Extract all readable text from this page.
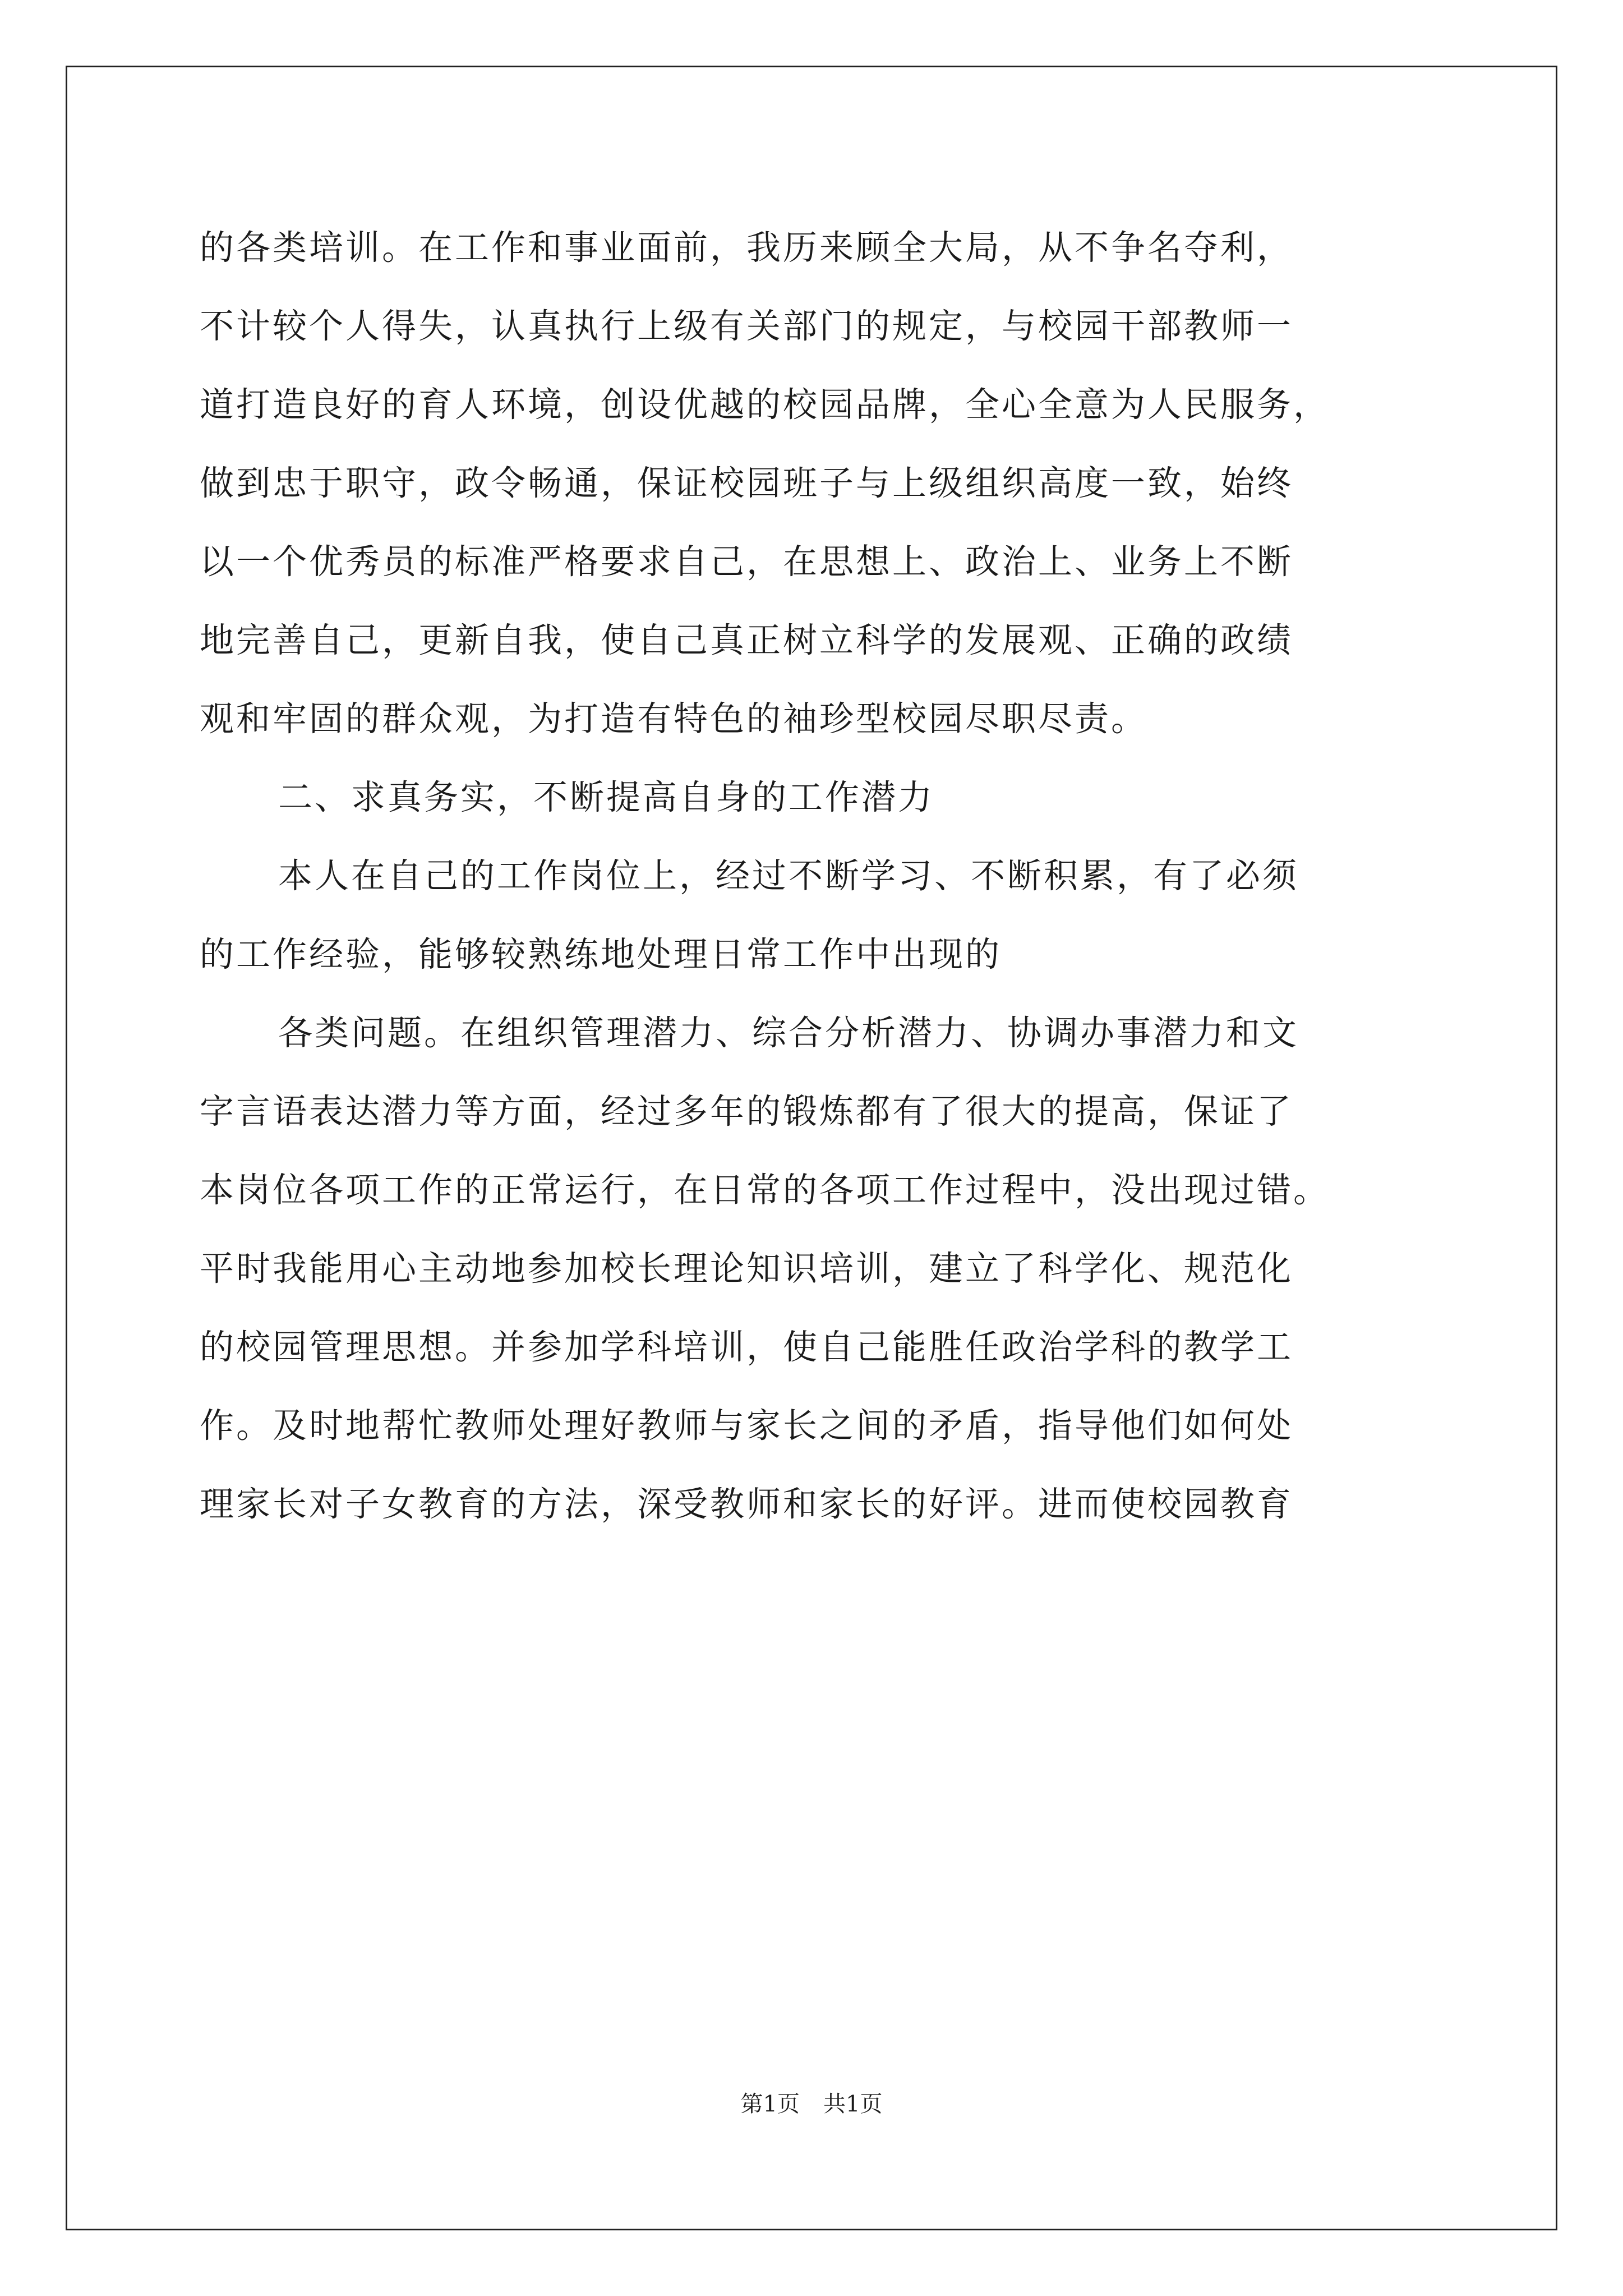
的各类培训。在工作和事业面前，我历来顾全大局，从不争名夺利，
不计较个人得失，认真执行上级有关部门的规定，与校园干部教师一
道打造良好的育人环境，创设优越的校园品牌，全心全意为人民服务，
做到忠于职守，政令畅通，保证校园班子与上级组织高度一致，始终
以一个优秀员的标准严格要求自己，在思想上、政治上、业务上不断
地完善自己，更新自我，使自己真正树立科学的发展观、正确的政绩
观和牢固的群众观，为打造有特色的袖珍型校园尽职尽责。
二、求真务实，不断提高自身的工作潜力
本人在自己的工作岗位上，经过不断学习、不断积累，有了必须
的工作经验，能够较熟练地处理日常工作中出现的
各类问题。在组织管理潜力、综合分析潜力、协调办事潜力和文
字言语表达潜力等方面，经过多年的锻炼都有了很大的提高，保证了
本岗位各项工作的正常运行，在日常的各项工作过程中，没出现过错。
平时我能用心主动地参加校长理论知识培训，建立了科学化、规范化
的校园管理思想。并参加学科培训，使自己能胜任政治学科的教学工
作。及时地帮忙教师处理好教师与家长之间的矛盾，指导他们如何处
理家长对子女教育的方法，深受教师和家长的好评。进而使校园教育
第1页 共1页
